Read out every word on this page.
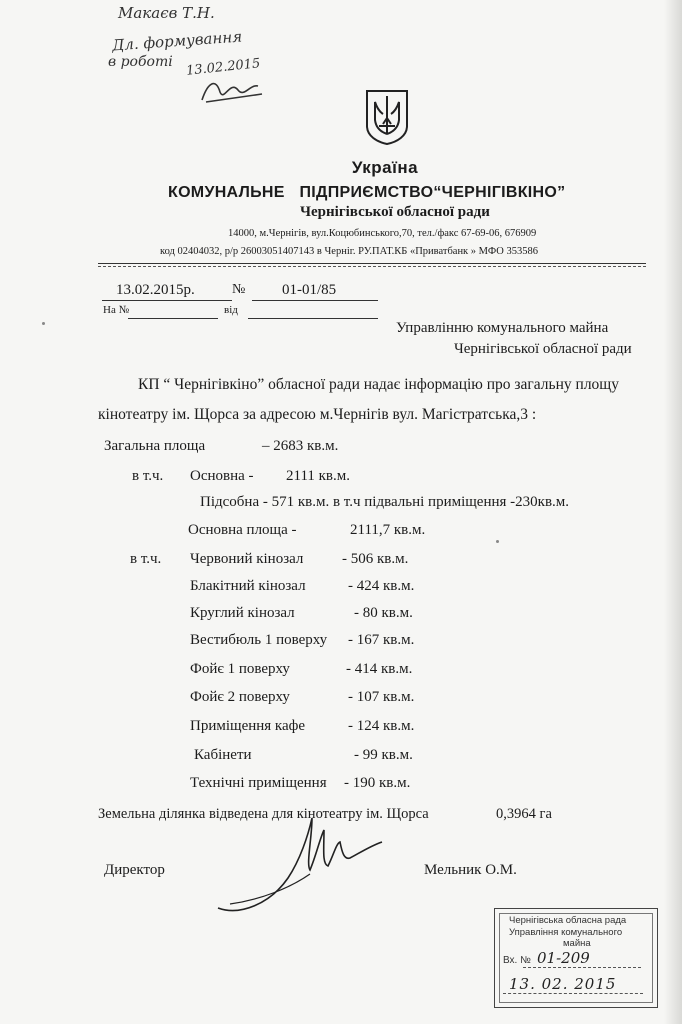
Макаєв Т.Н.
Дл. формування
в роботі 13.02.2015
Україна
КОМУНАЛЬНЕ ПІДПРИЄМСТВО“ЧЕРНІГІВКІНО”
Чернігівської обласної ради
14000, м.Чернігів, вул.Коцюбинського,70, тел./факс 67-69-06, 676909
код 02404032, р/р 26003051407143 в Черніг. РУ.ПАТ.КБ «Приватбанк » МФО 353586
13.02.2015р.	№ 01-01/85
На №	від
Управлінню комунального майна
Чернігівської обласної ради
КП “ Чернігівкіно” обласної ради надає інформацію про загальну площу
кінотеатру ім. Щорса за адресою м.Чернігів вул. Магістратська,3 :
Загальна площа	– 2683 кв.м.
в т.ч. Основна - 2111 кв.м.
Підсобна - 571 кв.м. в т.ч підвальні приміщення -230кв.м.
Основна площа -	2111,7 кв.м.
в т.ч. Червоний кінозал	- 506 кв.м.
Блакітний кінозал	- 424 кв.м.
Круглий кінозал	- 80 кв.м.
Вестибюль 1 поверху - 167 кв.м.
Фойє 1 поверху	- 414 кв.м.
Фойє 2 поверху	- 107 кв.м.
Приміщення кафе	- 124 кв.м.
Кабінети	- 99 кв.м.
Технічні приміщення - 190 кв.м.
Земельна ділянка відведена для кінотеатру ім. Щорса	0,3964 га
Директор	Мельник О.М.
Чернігівська обласна рада
Управління комунального
майна
Вх. № 01-209
13. 02. 2015
